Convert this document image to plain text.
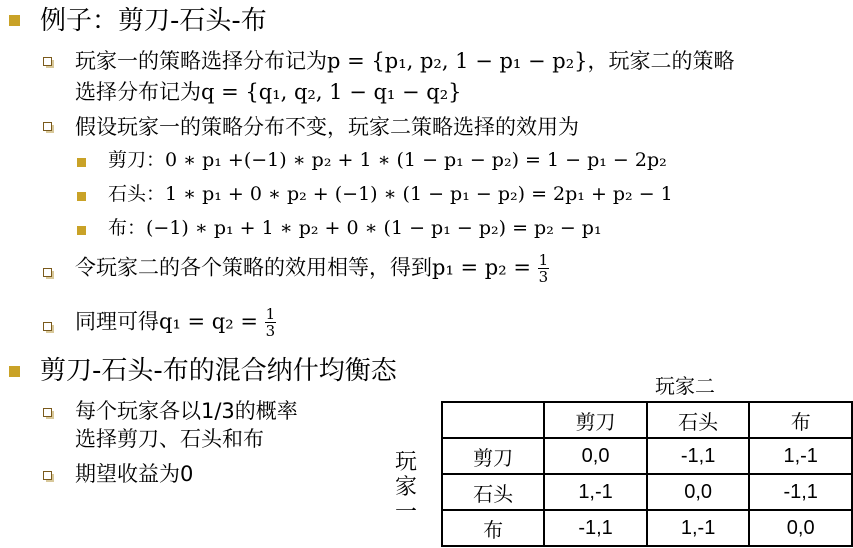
例子：剪刀-石头-布
玩家一的策略选择分布记为p = {p₁, p₂, 1 − p₁ − p₂}，玩家二的策略
选择分布记为q = {q₁, q₂, 1 − q₁ − q₂}
假设玩家一的策略分布不变，玩家二策略选择的效用为
剪刀：0 ∗ p₁ +(−1) ∗ p₂ + 1 ∗ (1 − p₁ − p₂) = 1 − p₁ − 2p₂
石头：1 ∗ p₁ + 0 ∗ p₂ + (−1) ∗ (1 − p₁ − p₂) = 2p₁ + p₂ − 1
布：(−1) ∗ p₁ + 1 ∗ p₂ + 0 ∗ (1 − p₁ − p₂) = p₂ − p₁
令玩家二的各个策略的效用相等，得到$p_1 = p_2 = \frac{1}{3}$
同理可得$q_1 = q_2 = \frac{1}{3}$
剪刀-石头-布的混合纳什均衡态
每个玩家各以1/3的概率
选择剪刀、石头和布
期望收益为0
玩家二
玩
家
一
	剪刀	石头	布
剪刀	0,0	-1,1	1,-1
石头	1,-1	0,0	-1,1
布	-1,1	1,-1	0,0
